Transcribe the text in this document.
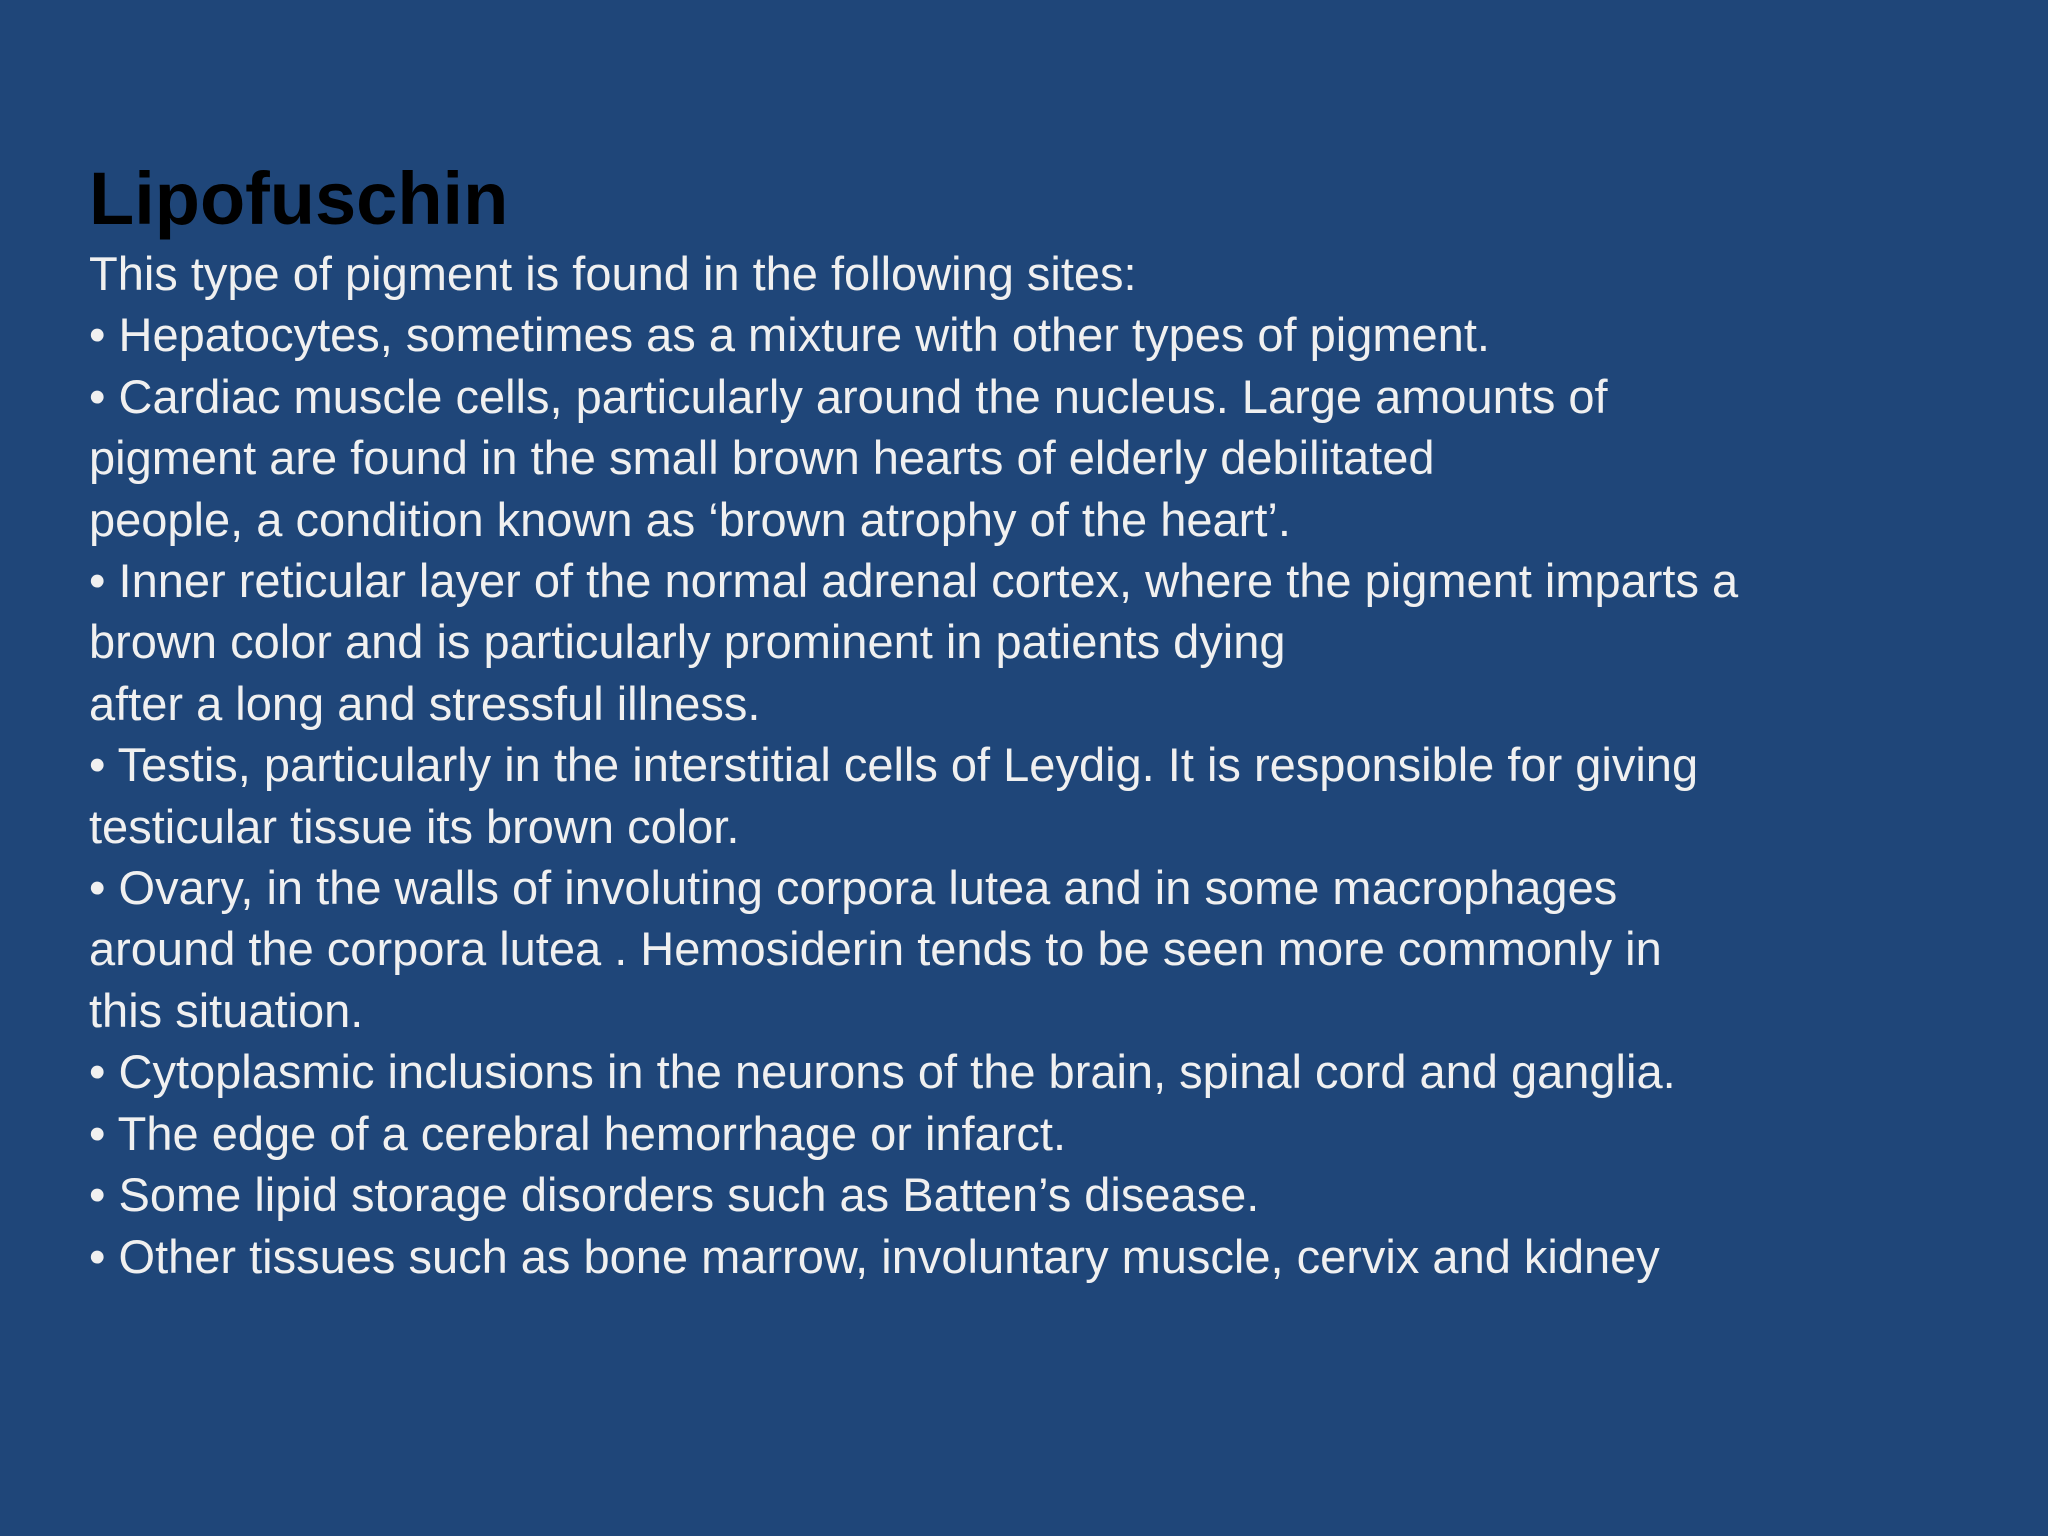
Lipofuschin
This type of pigment is found in the following sites:
• Hepatocytes, sometimes as a mixture with other types of pigment.
• Cardiac muscle cells, particularly around the nucleus. Large amounts of
pigment are found in the small brown hearts of elderly debilitated
people, a condition known as ‘brown atrophy of the heart’.
• Inner reticular layer of the normal adrenal cortex, where the pigment imparts a
brown color and is particularly prominent in patients dying
after a long and stressful illness.
• Testis, particularly in the interstitial cells of Leydig. It is responsible for giving
testicular tissue its brown color.
• Ovary, in the walls of involuting corpora lutea and in some macrophages
around the corpora lutea . Hemosiderin tends to be seen more commonly in
this situation.
• Cytoplasmic inclusions in the neurons of the brain, spinal cord and ganglia.
• The edge of a cerebral hemorrhage or infarct.
• Some lipid storage disorders such as Batten’s disease.
• Other tissues such as bone marrow, involuntary muscle, cervix and kidney
